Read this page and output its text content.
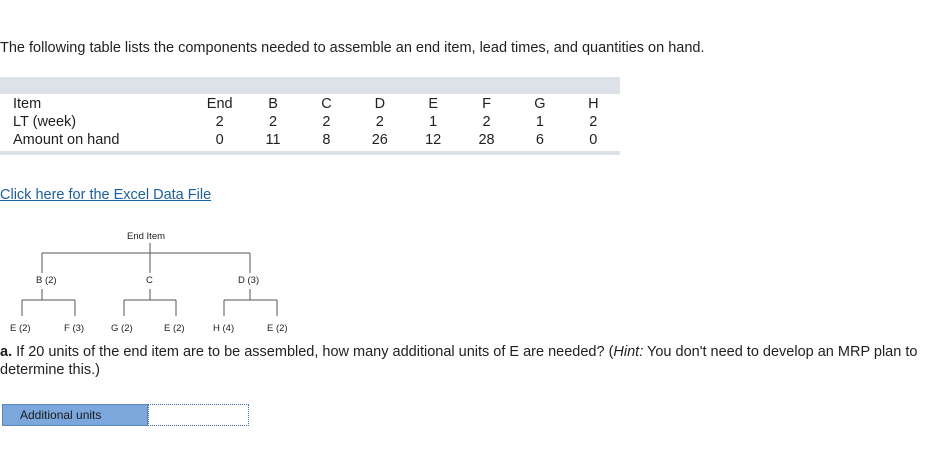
The following table lists the components needed to assemble an end item, lead times, and quantities on hand.
Item	End	B	C	D	E	F	G	H
LT (week)	2	2	2	2	1	2	1	2
Amount on hand	0	11	8	26	12	28	6	0
Click here for the Excel Data File
End Item
B (2)	C	D (3)
E (2)	F (3)	G (2)	E (2)	H (4)	E (2)
a. If 20 units of the end item are to be assembled, how many additional units of E are needed? (Hint: You don't need to develop an MRP plan to determine this.)
Additional units
